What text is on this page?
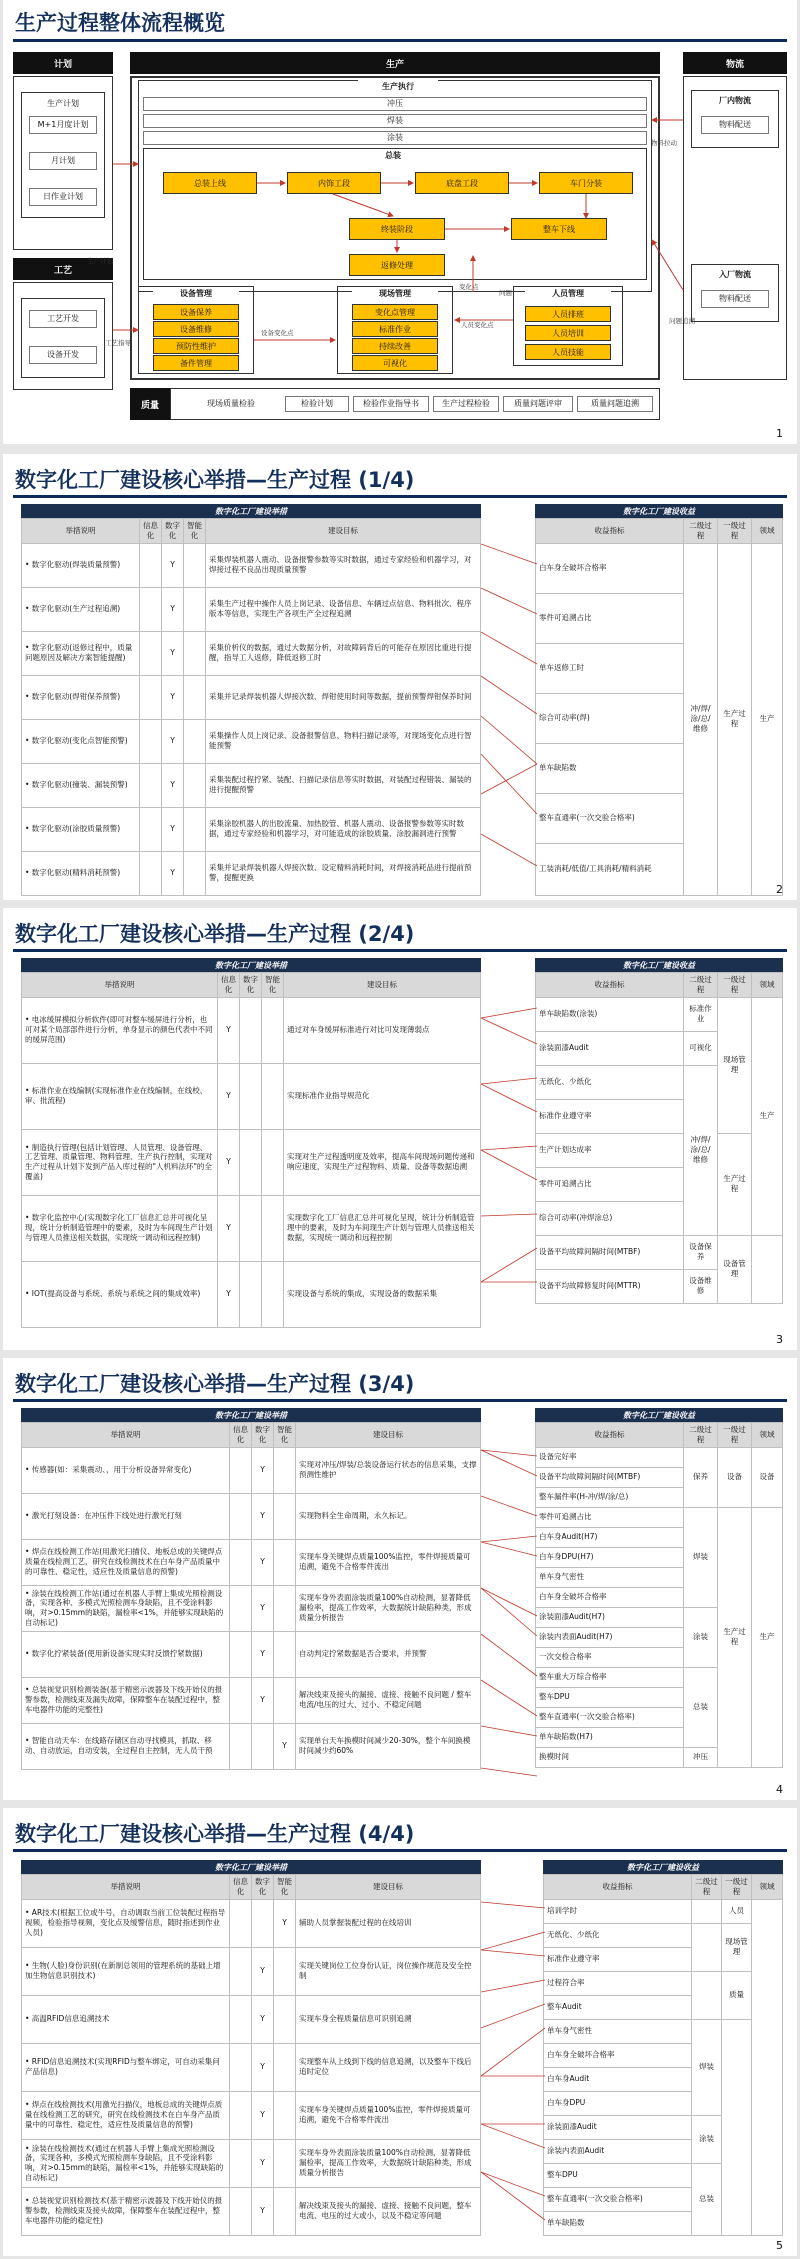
生产过程整体流程概览
计划
生产计划
M+1月度计划
月计划
日作业计划
工艺
工艺开发
设备开发
生产
生产执行
冲压
焊装
涂装
总装
总装上线	内饰工段	底盘工段	车门分装
终装阶段	整车下线
返修处理
设备管理
设备保养
设备维修
预防性维护
备件管理
现场管理
变化点管理
标准作业
持续改善
可视化
人员管理
人员排班
人员培训
人员技能
物流
厂内物流
物料配送
入厂物流
物料配送
质量	现场质量检验	检验计划	检验作业指导书	生产过程检验	质量问题评审	质量问题追溯
物料拉动
设备变化点
生产计划
工艺指导
人员变化点
变化点
问题
问题追溯
1
数字化工厂建设核心举措—生产过程 (1/4)
数字化工厂建设举措
举措说明	信息化	数字化	智能化	建设目标
• 数字化驱动(焊装质量预警)		Y		采集焊装机器人震动、设备报警参数等实时数据，通过专家经验和机器学习，对焊接过程不良品出现质量预警
• 数字化驱动(生产过程追溯)		Y		采集生产过程中操作人员上岗记录、设备信息、车辆过点信息、物料批次、程序版本等信息，实现生产各项生产全过程追溯
• 数字化驱动(返修过程中，质量问题原因及解决方案智能提醒)		Y		采集价析仪的数据，通过大数据分析，对故障码背后的可能存在原因比重进行提醒，指导工人返修，降低返修工时
• 数字化驱动(焊钳保养预警)		Y		采集并记录焊装机器人焊接次数、焊钳使用时间等数据，提前预警焊钳保养时间
• 数字化驱动(变化点智能预警)		Y		采集操作人员上岗记录、设备报警信息、物料扫描记录等，对现场变化点进行智能预警
• 数字化驱动(撞装、漏装预警)		Y		采集装配过程拧紧、装配、扫描记录信息等实时数据，对装配过程错装、漏装的进行提醒预警
• 数字化驱动(涂胶质量预警)		Y		采集涂胶机器人的出胶流量、加热胶管、机器人震动、设备报警参数等实时数据，通过专家经验和机器学习，对可能造成的涂胶质量、涂胶漏洞进行预警
• 数字化驱动(精料消耗预警)		Y		采集并记录焊装机器人焊接次数、设定精料消耗时间，对焊接消耗品进行提前预警，提醒更换
数字化工厂建设收益
收益指标	二级过程	一级过程	领域
白车身全破坏合格率	冲/焊/涂/总/维修	生产过程	生产
零件可追溯占比			
单车返修工时			
综合可动率(焊)			
单车缺陷数			
整车直通率(一次交验合格率)			
工装消耗/低值/工具消耗/精料消耗			
2
数字化工厂建设核心举措—生产过程 (2/4)
数字化工厂建设举措
举措说明	信息化	数字化	智能化	建设目标
• 电冰缓屏模拟分析软件(即可对整车缓屏进行分析，也可对某个局部部件进行分析，单身显示的颜色代表中不同的缓屏范围)	Y			通过对车身缓屏标准进行对比可发现薄弱点
• 标准作业在线编制(实现标准作业在线编制，在线校、审、批流程)	Y			实现标准作业指导规范化
• 制造执行管理(包括计划管理、人员管理、设备管理、工艺管理、质量管理、物料管理、生产执行控制，实现对生产过程从计划下发到产品入库过程的"人机料法环"的全覆盖)	Y			实现对生产过程透明度及效率，提高车间现场问题传递和响应速度，实现生产过程物料、质量、设备等数据追溯
• 数字化监控中心(实现数字化工厂信息汇总并可视化呈现，统计分析制造管理中的要素，及时为车间现生产计划与管理人员推送相关数据，实现统一调动和远程控制)	Y			实现数字化工厂信息汇总并可视化呈现，统计分析制造管理中的要素，及时为车间现生产计划与管理人员推送相关数据，实现统一调动和远程控制
• IOT(提高设备与系统、系统与系统之间的集成效率)	Y			实现设备与系统的集成，实现设备的数据采集
数字化工厂建设收益
收益指标	二级过程	一级过程	领域
单车缺陷数(涂装)	标准作业	现场管理	生产
涂装面漆Audit	可视化		
无纸化、少纸化	冲/焊/涂/总/维修		
标准作业遵守率			
生产计划达成率		生产过程	
零件可追溯占比			
综合可动率(冲焊涂总)			
设备平均故障间隔时间(MTBF)	设备保养	设备管理	
设备平均故障修复时间(MTTR)	设备维修		
3
数字化工厂建设核心举措—生产过程 (3/4)
数字化工厂建设举措
举措说明	信息化	数字化	智能化	建设目标
• 传感器(如：采集震动、，用于分析设备异常变化)		Y		实现对冲压/焊装/总装设备运行状态的信息采集，支撑预测性维护
• 激光打刻设备：在冲压件下线处进行激光打刻		Y		实现物料全生命周期，永久标记。
• 焊点在线检测工作站(用激光扫描仪、地板总成的关键焊点质量在线检测工艺，研究在线检测技术在白车身产品质量中的可靠性、稳定性，适应性及质量信息的预警)		Y		实现车身关键焊点质量100%监控，零件焊接质量可追溯，避免不合格零件流出
• 涂装在线检测工作站(通过在机器人手臂上集成光照检测设备，实现各种、多模式光照检测车身缺陷，且不受涂料影响，对>0.15mm的缺陷，漏检率<1%，并能够实现缺陷的自动标记)		Y		实现车身外表面涂装质量100%自动检测，显著降低漏检率，提高工作效率，大数据统计缺陷种类，形成质量分析报告
• 数字化拧紧装备(使用新设备实现实时反馈拧紧数据)		Y		自动判定拧紧数据是否合要求，并预警
• 总装视觉识别检测装备(基于精密示波器及下线开始仪的报警参数，检测线束及漏失故障，保障整车在装配过程中，整车电器件功能的完整性)		Y		解决线束及接头的漏接、虚接、接触不良问题 / 整车电流/电压的过大、过小、不稳定问题
• 智能自动天车：在线路存储区自动寻找模具，抓取、移动、自动放运，自动安装，全过程自主控制，无人员干预			Y	实现单台天车换模时间减少20-30%，整个车间换模时间减少约60%
数字化工厂建设收益
收益指标	二级过程	一级过程	领域
设备完好率	保养	设备	设备
设备平均故障间隔时间(MTBF)			
整车漏件率(H-冲/焊/涂/总)			
零件可追溯占比	焊装	生产过程	生产
白车身Audit(H7)			
白车身DPU(H7)			
单车身气密性			
白车身全破坏合格率			
涂装面漆Audit(H7)	涂装		
涂装内表面Audit(H7)			
一次交检合格率			
整车重大万综合格率	总装		
整车DPU			
整车直通率(一次交验合格率)			
单车缺陷数(H7)			
换模时间	冲压		
4
数字化工厂建设核心举措—生产过程 (4/4)
数字化工厂建设举措
举措说明	信息化	数字化	智能化	建设目标
• AR技术(根据工位或牛号，自动调取当前工位装配过程指导视频，检验指导视频，变化点及缓警信息，随时指述到作业人员)			Y	辅助人员掌握装配过程的在线培训
• 生物(人脸)身份识别(在新制总领用的管理系统的基础上增加生物信息识别技术)		Y		实现关键岗位工位身份认证，岗位操作规范及安全控制
• 高温RFID信息追溯技术		Y		实现车身全程质量信息可识别追溯
• RFID信息追溯技术(实现RFID与整车绑定，可自动采集问产品信息)		Y		实现整车从上线到下线的信息追溯，以及整车下线后追时定位
• 焊点在线检测技术(用激光扫描仪，地板总成的关键焊点质量在线检测工艺的研究，研究在线检测技术在白车身产品质量中的可靠性、稳定性，适应性及质量信息的预警)		Y		实现车身关键焊点质量100%监控，零件焊接质量可追溯，避免不合格零件流出
• 涂装在线检测技术(通过在机器人手臂上集成光照检测设备，实现各种，多模式光照检测车身缺陷，且不受涂料影响，对>0.15mm的缺陷，漏检率<1%，并能够实现缺陷的自动标记)		Y		实现车身外表面涂装质量100%自动检测，显著降低漏检率，提高工作效率，大数据统计缺陷种类，形成质量分析报告
• 总装视觉识别检测技术(基于精密示波器及下线开始仪的报警参数，检测线束及接头故障，保障整车在装配过程中，整车电器件功能的稳定性)		Y		解决线束及接头的漏接、虚接、接触不良问题，整车电流、电压的过大或小，以及不稳定等问题
数字化工厂建设收益
收益指标	二级过程	一级过程	领域
培训学时		人员	
无纸化、少纸化		现场管理	
标准作业遵守率			
过程符合率		质量	
整车Audit			
单车身气密性	焊装		
白车身全破坏合格率			
白车身Audit			
白车身DPU			
涂装面漆Audit	涂装		
涂装内表面Audit			
整车DPU	总装		
整车直通率(一次交验合格率)			
单车缺陷数			
5
